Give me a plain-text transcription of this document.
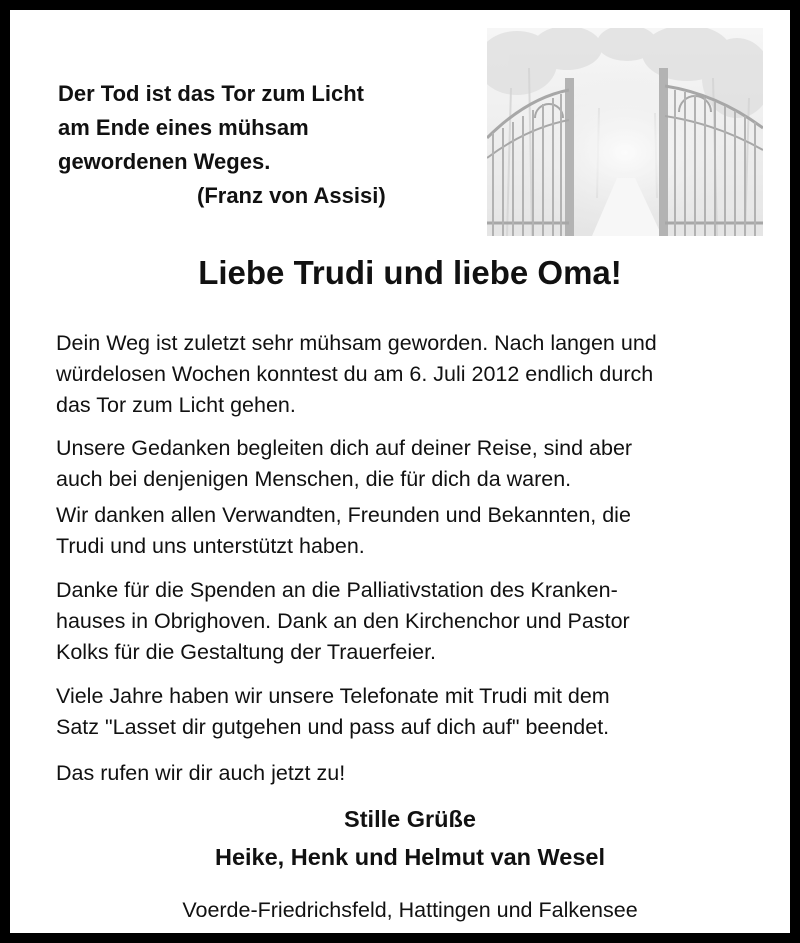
Der Tod ist das Tor zum Licht
am Ende eines mühsam
gewordenen Weges.
(Franz von Assisi)
Liebe Trudi und liebe Oma!
Dein Weg ist zuletzt sehr mühsam geworden. Nach langen und
würdelosen Wochen konntest du am 6. Juli 2012 endlich durch
das Tor zum Licht gehen.
Unsere Gedanken begleiten dich auf deiner Reise, sind aber
auch bei denjenigen Menschen, die für dich da waren.
Wir danken allen Verwandten, Freunden und Bekannten, die
Trudi und uns unterstützt haben.
Danke für die Spenden an die Palliativstation des Kranken-
hauses in Obrighoven. Dank an den Kirchenchor und Pastor
Kolks für die Gestaltung der Trauerfeier.
Viele Jahre haben wir unsere Telefonate mit Trudi mit dem
Satz "Lasset dir gutgehen und pass auf dich auf" beendet.
Das rufen wir dir auch jetzt zu!
Stille Grüße
Heike, Henk und Helmut van Wesel
Voerde-Friedrichsfeld, Hattingen und Falkensee
